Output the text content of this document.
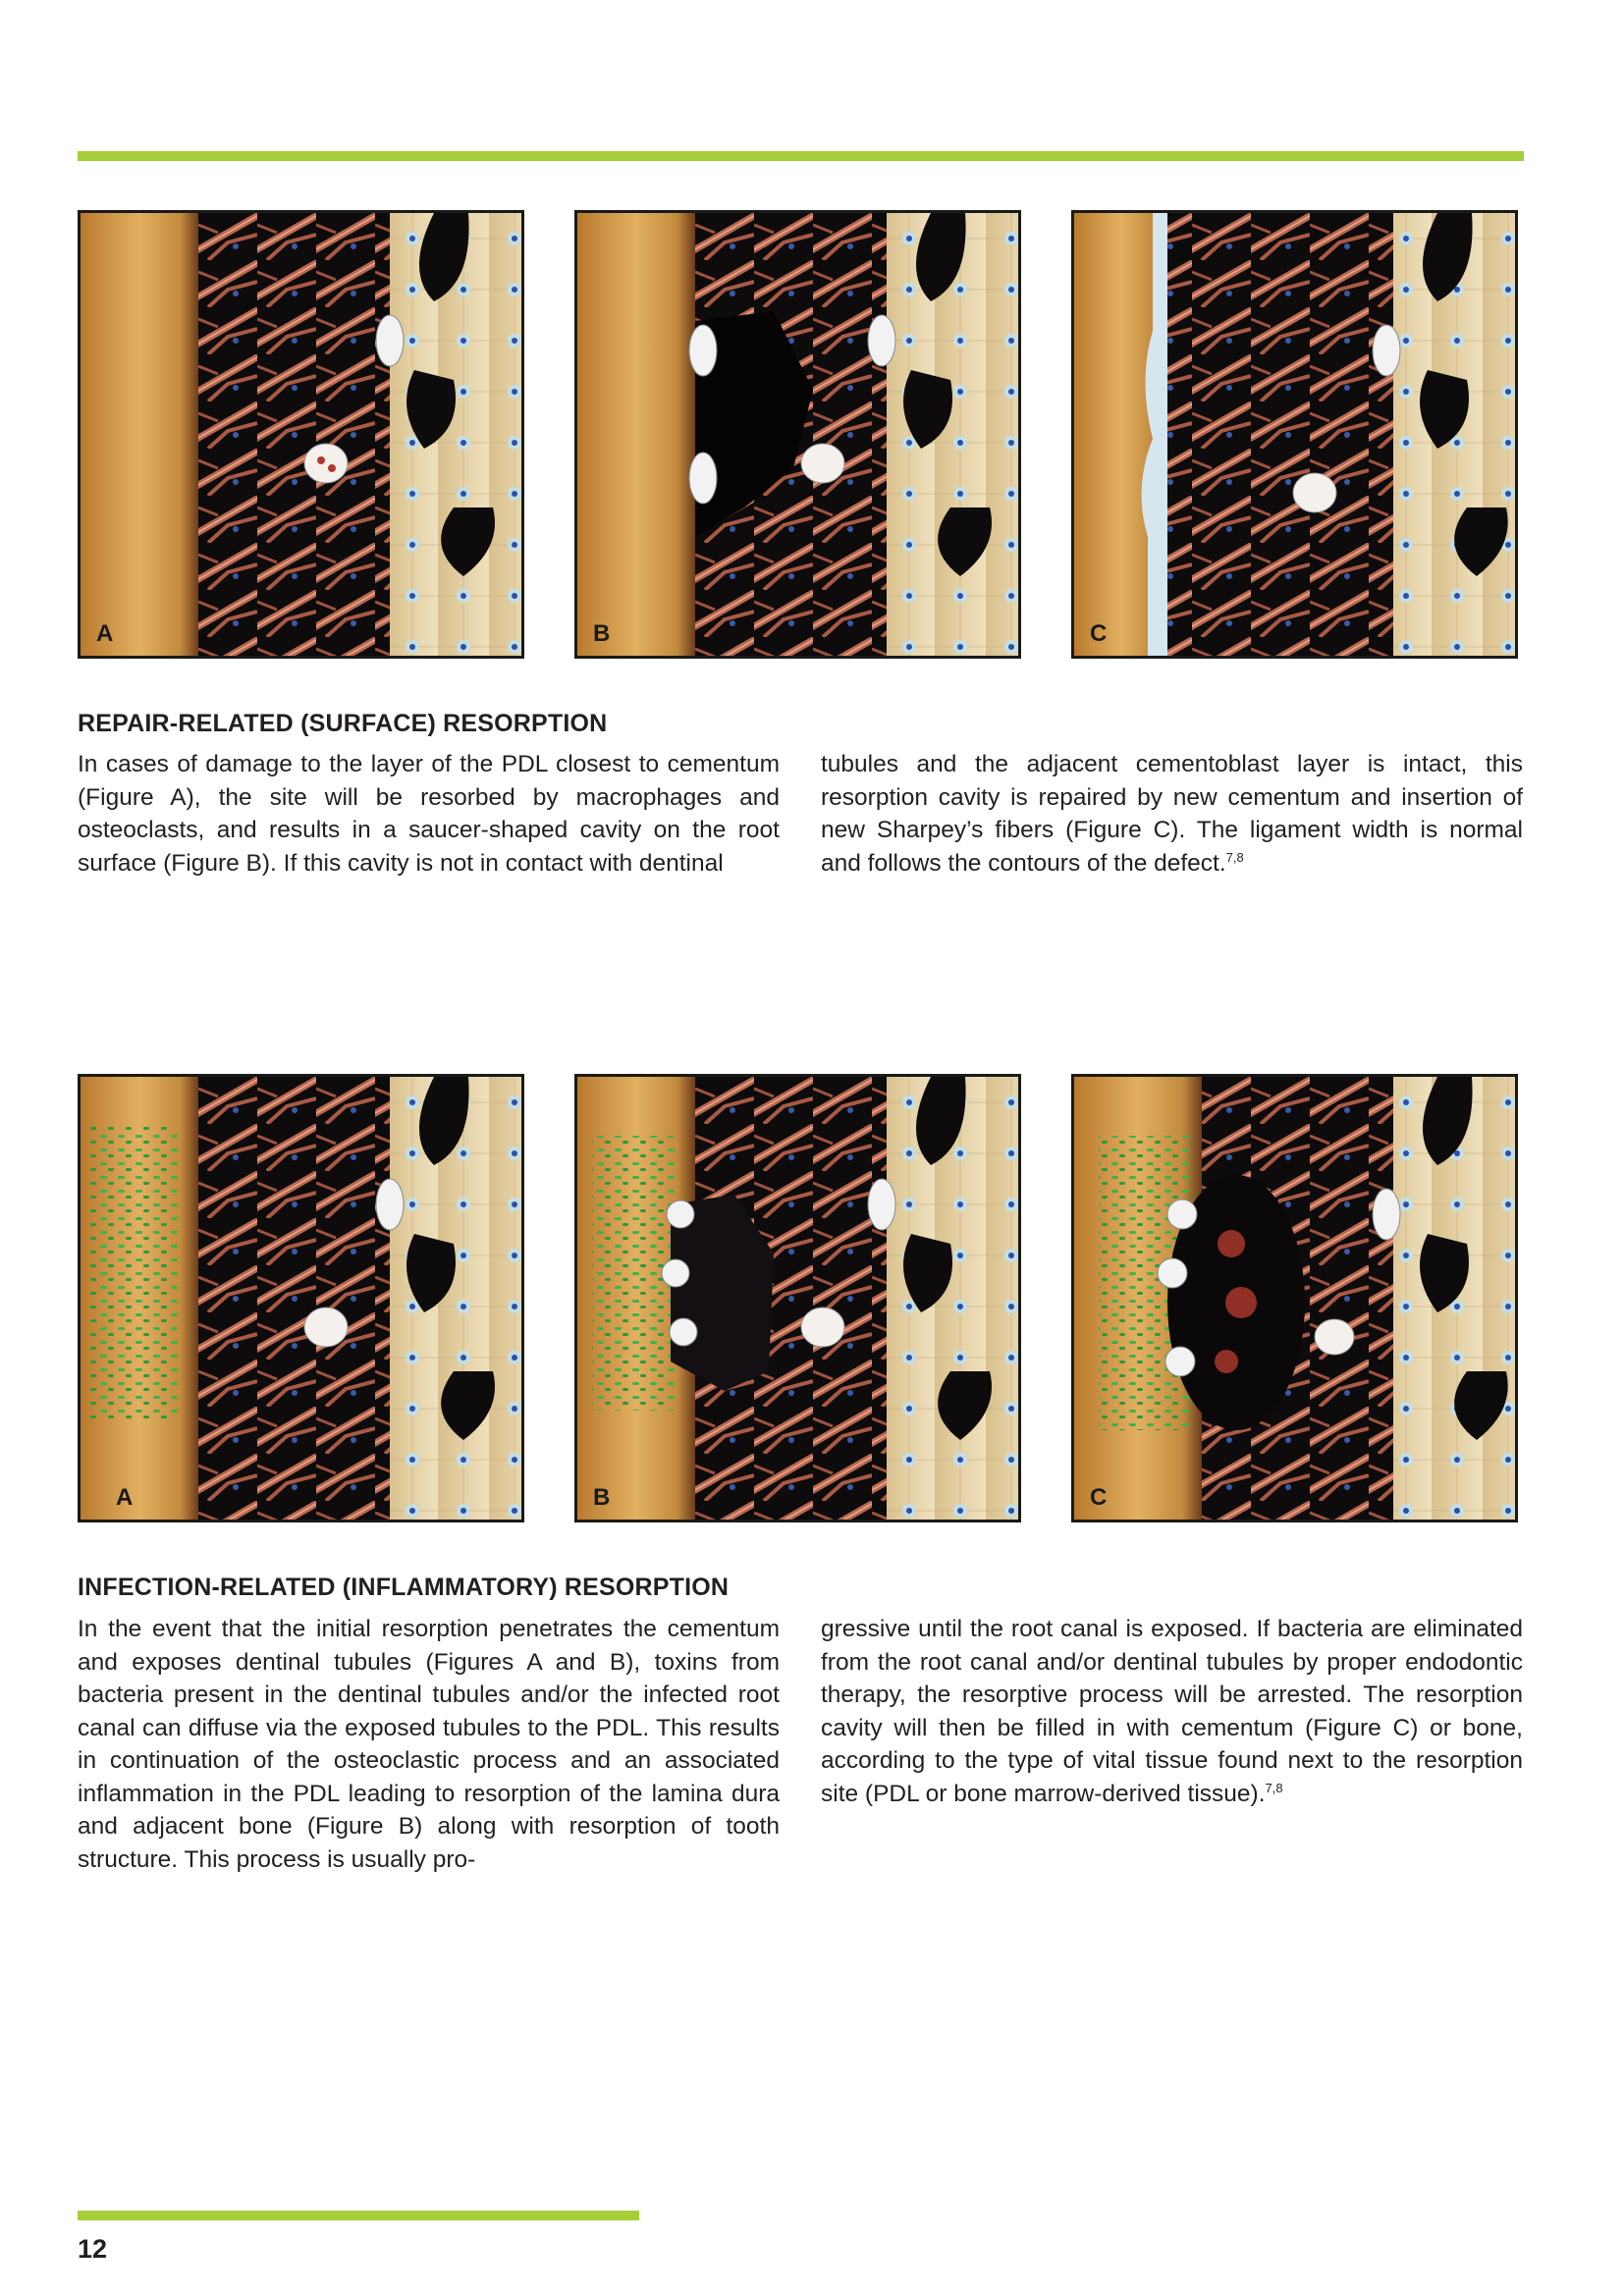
A	B	C
REPAIR-RELATED (SURFACE) RESORPTION

In cases of damage to the layer of the PDL closest to cementum (Figure A), the site will be resorbed by macrophages and osteoclasts, and results in a saucer-shaped cavity on the root surface (Figure B). If this cavity is not in contact with dentinal

tubules and the adjacent cementoblast layer is intact, this resorption cavity is repaired by new cementum and insertion of new Sharpey’s fibers (Figure C). The ligament width is normal and follows the contours of the defect.$^{7,8}$

A	B	C
INFECTION-RELATED (INFLAMMATORY) RESORPTION

In the event that the initial resorption penetrates the cementum and exposes dentinal tubules (Figures A and B), toxins from bacteria present in the dentinal tubules and/or the infected root canal can diffuse via the exposed tubules to the PDL. This results in continuation of the osteoclastic process and an associated inflammation in the PDL leading to resorption of the lamina dura and adjacent bone (Figure B) along with resorption of tooth structure. This process is usually pro-

gressive until the root canal is exposed. If bacteria are eliminated from the root canal and/or dentinal tubules by proper endodontic therapy, the resorptive process will be arrested. The resorption cavity will then be filled in with cementum (Figure C) or bone, according to the type of vital tissue found next to the resorption site (PDL or bone marrow-derived tissue).$^{7,8}$

12
